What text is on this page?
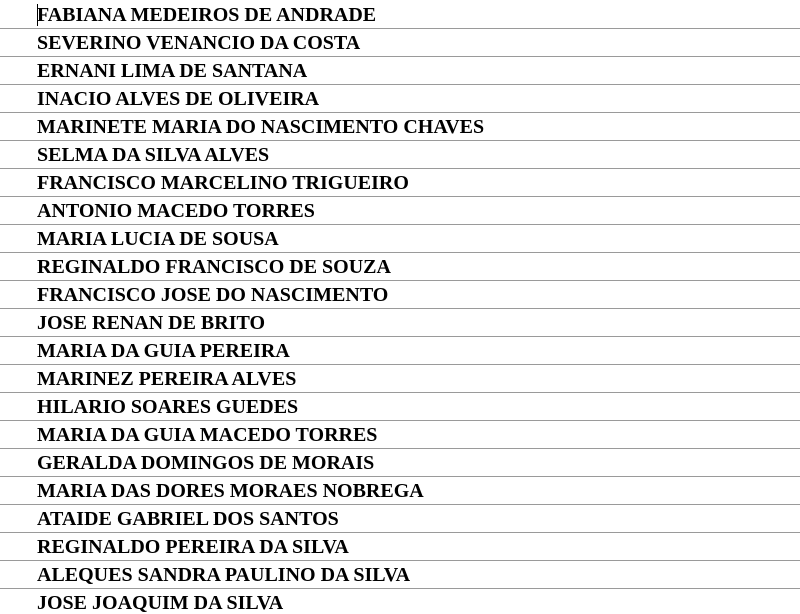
FABIANA MEDEIROS DE ANDRADE
SEVERINO VENANCIO DA COSTA
ERNANI LIMA DE SANTANA
INACIO ALVES DE OLIVEIRA
MARINETE MARIA DO NASCIMENTO CHAVES
SELMA DA SILVA ALVES
FRANCISCO MARCELINO TRIGUEIRO
ANTONIO MACEDO TORRES
MARIA LUCIA DE SOUSA
REGINALDO FRANCISCO DE SOUZA
FRANCISCO JOSE DO NASCIMENTO
JOSE RENAN DE BRITO
MARIA DA GUIA PEREIRA
MARINEZ PEREIRA ALVES
HILARIO SOARES GUEDES
MARIA DA GUIA MACEDO TORRES
GERALDA DOMINGOS DE MORAIS
MARIA DAS DORES MORAES NOBREGA
ATAIDE GABRIEL DOS SANTOS
REGINALDO PEREIRA DA SILVA
ALEQUES SANDRA PAULINO DA SILVA
JOSE JOAQUIM DA SILVA
